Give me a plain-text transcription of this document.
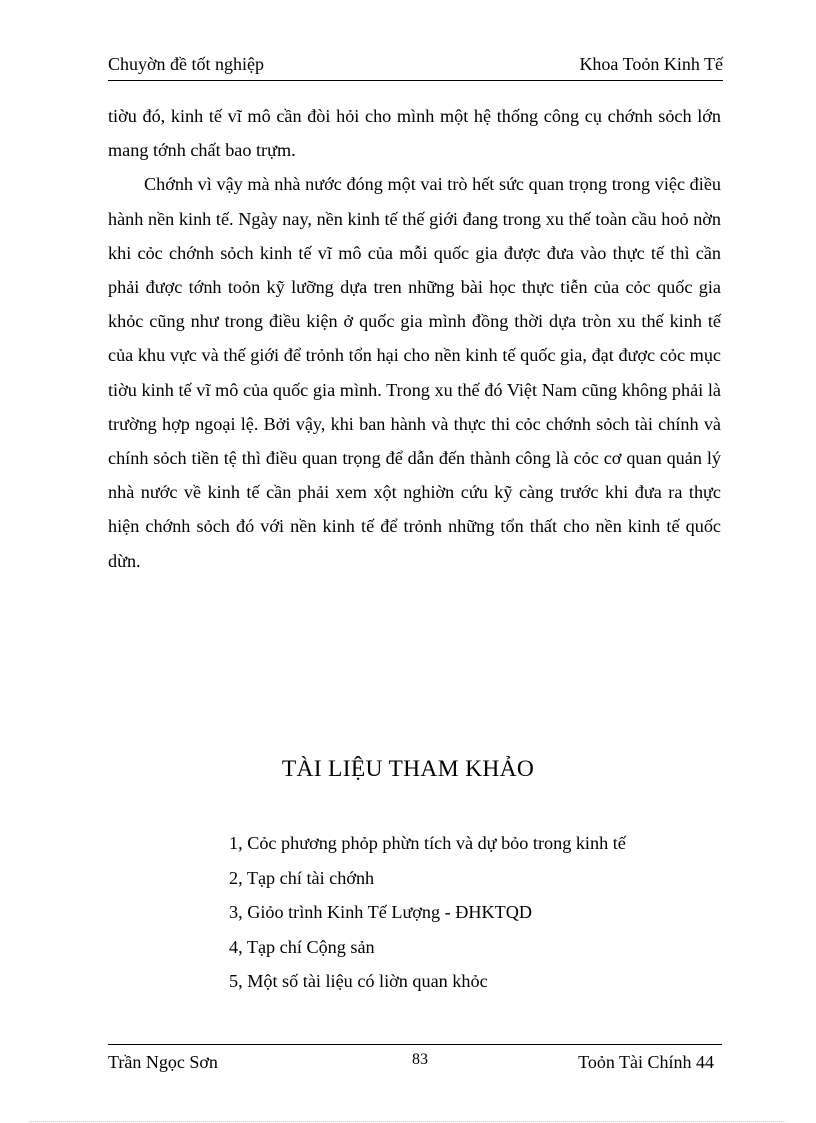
Chuyờn đề tốt nghiệp	Khoa Toỏn Kinh Tế

tiờu đó, kinh tế vĩ mô cần đòi hỏi cho mình một hệ thống công cụ chớnh sỏch lớn mang tớnh chất bao trựm.

Chớnh vì vậy mà nhà nước đóng một vai trò hết sức quan trọng trong việc điều hành nền kinh tế. Ngày nay, nền kinh tế thế giới đang trong xu thế toàn cầu hoỏ nờn khi cỏc chớnh sỏch kinh tế vĩ mô của mỗi quốc gia được đưa vào thực tế thì cần phải được tớnh toỏn kỹ lưỡng dựa tren những bài học thực tiễn của cỏc quốc gia khỏc cũng như trong điều kiện ở quốc gia mình đồng thời dựa tròn xu thế kinh tế của khu vực và thế giới để trỏnh tổn hại cho nền kinh tế quốc gia, đạt được cỏc mục tiờu kinh tế vĩ mô của quốc gia mình. Trong xu thế đó Việt Nam cũng không phải là trường hợp ngoại lệ. Bởi vậy, khi ban hành và thực thi cỏc chớnh sỏch tài chính và chính sỏch tiền tệ thì điều quan trọng để dẫn đến thành công là cỏc cơ quan quản lý nhà nước về kinh tế cần phải xem xột nghiờn cứu kỹ càng trước khi đưa ra thực hiện chớnh sỏch đó với nền kinh tế để trỏnh những tổn thất cho nền kinh tế quốc dừn.

TÀI LIỆU THAM KHẢO
1, Cỏc phương phỏp phừn tích và dự bỏo trong kinh tế
2, Tạp chí tài chớnh
3, Giỏo trình Kinh Tế Lượng - ĐHKTQD
4, Tạp chí Cộng sản
5, Một số tài liệu có liờn quan khỏc
Trần Ngọc Sơn	83	Toỏn Tài Chính 44
